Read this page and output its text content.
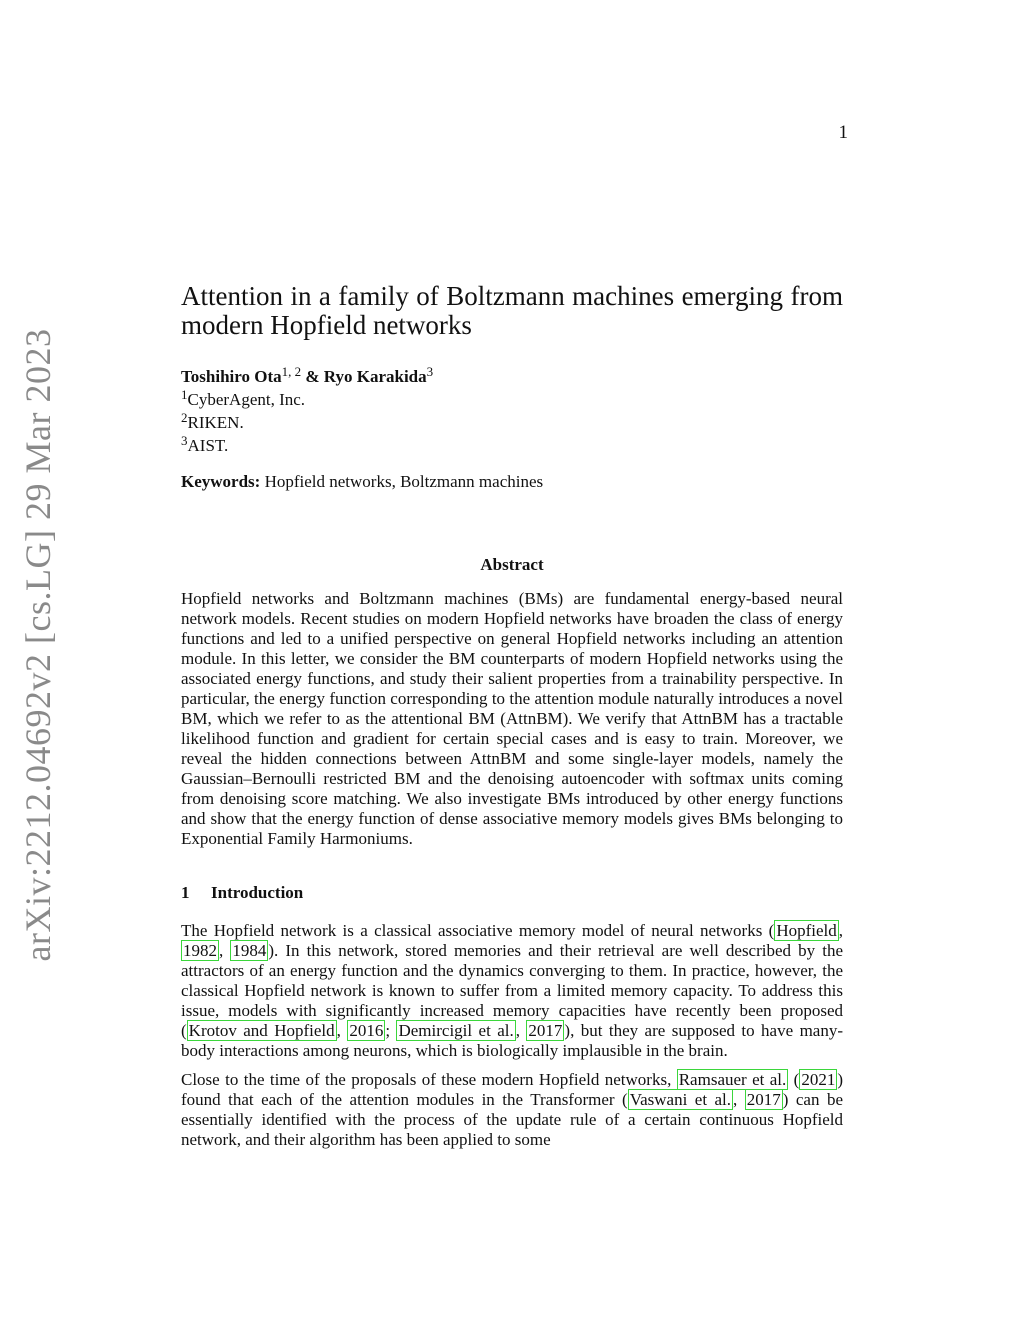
1
arXiv:2212.04692v2 [cs.LG] 29 Mar 2023
Attention in a family of Boltzmann machines emerging from modern Hopfield networks
Toshihiro Ota$^{1, 2}$ & Ryo Karakida$^3$
$^1$CyberAgent, Inc.
$^2$RIKEN.
$^3$AIST.
Keywords: Hopfield networks, Boltzmann machines
Abstract

Hopfield networks and Boltzmann machines (BMs) are fundamental energy-based neural network models. Recent studies on modern Hopfield networks have broaden the class of energy functions and led to a unified perspective on general Hopfield networks including an attention module. In this letter, we consider the BM counterparts of modern Hopfield networks using the associated energy functions, and study their salient properties from a trainability perspective. In particular, the energy function corresponding to the attention module naturally introduces a novel BM, which we refer to as the attentional BM (AttnBM). We verify that AttnBM has a tractable likelihood function and gradient for certain special cases and is easy to train. Moreover, we reveal the hidden connections between AttnBM and some single-layer models, namely the Gaussian–Bernoulli restricted BM and the denoising autoencoder with softmax units coming from denoising score matching. We also investigate BMs introduced by other energy functions and show that the energy function of dense associative memory models gives BMs belonging to Exponential Family Harmoniums.

1 Introduction

The Hopfield network is a classical associative memory model of neural networks ( Hopfield , 1982 , 1984 ). In this network, stored memories and their retrieval are well described by the attractors of an energy function and the dynamics converging to them. In practice, however, the classical Hopfield network is known to suffer from a limited memory capacity. To address this issue, models with significantly increased memory capacities have recently been proposed ( Krotov and Hopfield , 2016 ; Demircigil et al. , 2017 ), but they are supposed to have many-body interactions among neurons, which is biologically implausible in the brain.

Close to the time of the proposals of these modern Hopfield networks, Ramsauer et al. ( 2021 ) found that each of the attention modules in the Transformer ( Vaswani et al. , 2017 ) can be essentially identified with the process of the update rule of a certain continuous Hopfield network, and their algorithm has been applied to some
